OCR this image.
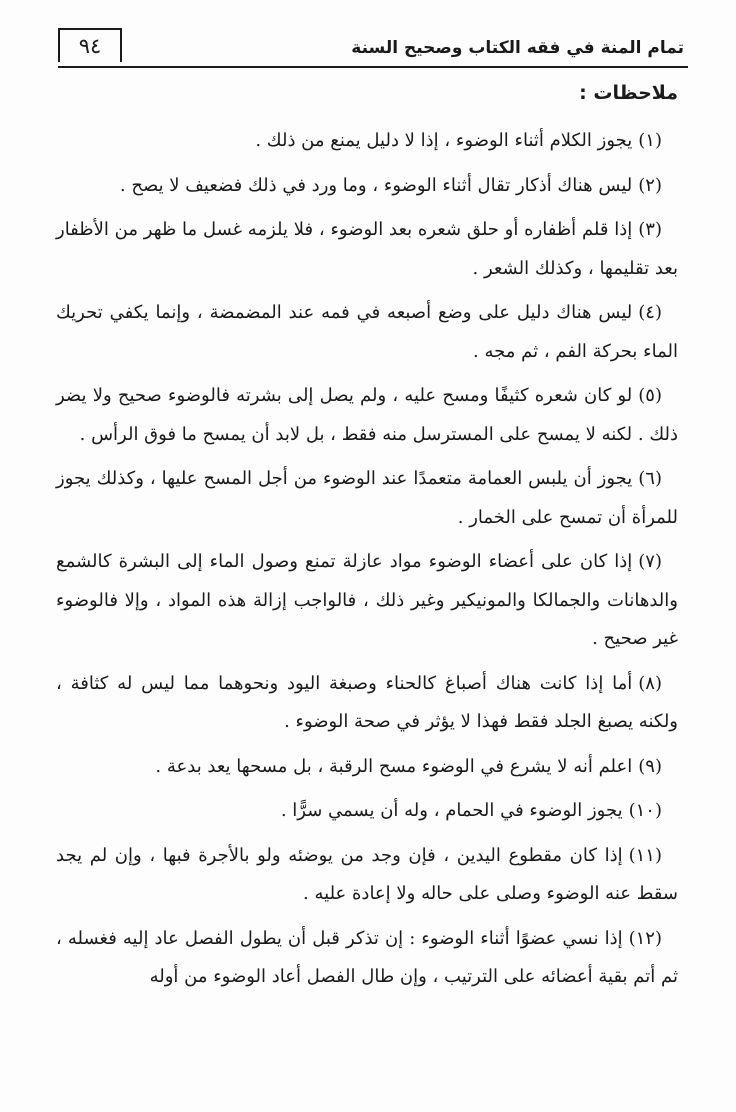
٩٤	تمام المنة في فقه الكتاب وصحيح السنة
ملاحظات :

(١)يجوز الكلام أثناء الوضوء ، إذا لا دليل يمنع من ذلك .

(٢)ليس هناك أذكار تقال أثناء الوضوء ، وما ورد في ذلك فضعيف لا يصح .

(٣)إذا قلم أظفاره أو حلق شعره بعد الوضوء ، فلا يلزمه غسل ما ظهر من الأظفار بعد تقليمها ، وكذلك الشعر .

(٤)ليس هناك دليل على وضع أصبعه في فمه عند المضمضة ، وإنما يكفي تحريك الماء بحركة الفم ، ثم مجه .

(٥)لو كان شعره كثيفًا ومسح عليه ، ولم يصل إلى بشرته فالوضوء صحيح ولا يضر ذلك . لكنه لا يمسح على المسترسل منه فقط ، بل لابد أن يمسح ما فوق الرأس .

(٦)يجوز أن يلبس العمامة متعمدًا عند الوضوء من أجل المسح عليها ، وكذلك يجوز للمرأة أن تمسح على الخمار .

(٧)إذا كان على أعضاء الوضوء مواد عازلة تمنع وصول الماء إلى البشرة كالشمع والدهانات والجمالكا والمونيكير وغير ذلك ، فالواجب إزالة هذه المواد ، وإلا فالوضوء غير صحيح .

(٨)أما إذا كانت هناك أصباغ كالحناء وصبغة اليود ونحوهما مما ليس له كثافة ، ولكنه يصبغ الجلد فقط فهذا لا يؤثر في صحة الوضوء .

(٩)اعلم أنه لا يشرع في الوضوء مسح الرقبة ، بل مسحها يعد بدعة .

(١٠)يجوز الوضوء في الحمام ، وله أن يسمي سرًّا .

(١١)إذا كان مقطوع اليدين ، فإن وجد من يوضئه ولو بالأجرة فبها ، وإن لم يجد سقط عنه الوضوء وصلى على حاله ولا إعادة عليه .

(١٢)إذا نسي عضوًا أثناء الوضوء : إن تذكر قبل أن يطول الفصل عاد إليه فغسله ، ثم أتم بقية أعضائه على الترتيب ، وإن طال الفصل أعاد الوضوء من أوله
